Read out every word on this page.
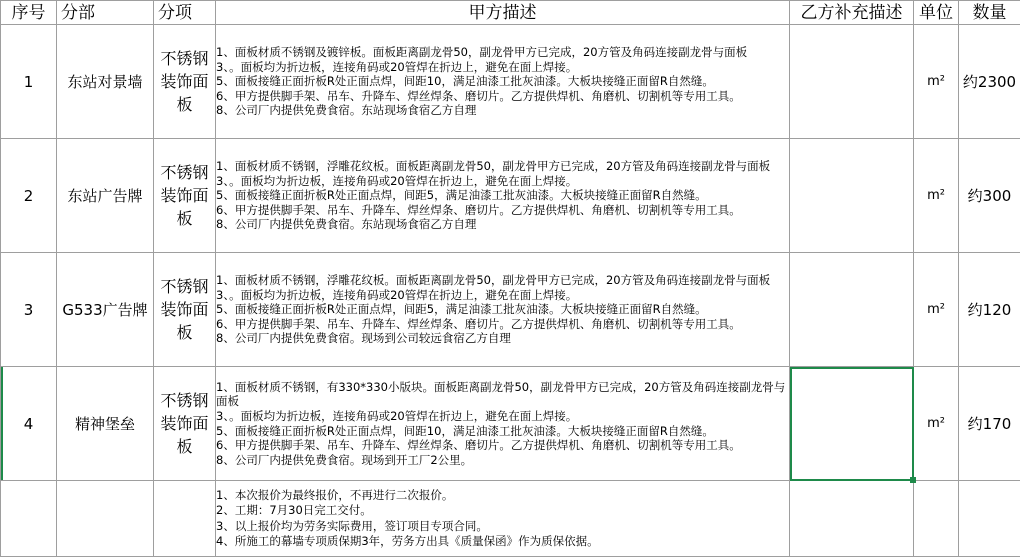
序号	分部	分项	甲方描述	乙方补充描述	单位	数量
1	东站对景墙	不锈钢装饰面板	1、面板材质不锈钢及镀锌板。面板距离副龙骨50，副龙骨甲方已完成，20方管及角码连接副龙骨与面板
3、。面板均为折边板，连接角码或20管焊在折边上，避免在面上焊接。
5、面板接缝正面折板R处正面点焊，间距10，满足油漆工批灰油漆。大板块接缝正面留R自然缝。
6、甲方提供脚手架、吊车、升降车、焊丝焊条、磨切片。乙方提供焊机、角磨机、切割机等专用工具。
8、公司厂内提供免费食宿。东站现场食宿乙方自理		m²	约2300
2	东站广告牌	不锈钢装饰面板	1、面板材质不锈钢，浮雕花纹板。面板距离副龙骨50，副龙骨甲方已完成，20方管及角码连接副龙骨与面板
3、。面板均为折边板，连接角码或20管焊在折边上，避免在面上焊接。
5、面板接缝正面折板R处正面点焊，间距5，满足油漆工批灰油漆。大板块接缝正面留R自然缝。
6、甲方提供脚手架、吊车、升降车、焊丝焊条、磨切片。乙方提供焊机、角磨机、切割机等专用工具。
8、公司厂内提供免费食宿。东站现场食宿乙方自理		m²	约300
3	G533广告牌	不锈钢装饰面板	1、面板材质不锈钢，浮雕花纹板。面板距离副龙骨50，副龙骨甲方已完成，20方管及角码连接副龙骨与面板
3、。面板均为折边板，连接角码或20管焊在折边上，避免在面上焊接。
5、面板接缝正面折板R处正面点焊，间距5，满足油漆工批灰油漆。大板块接缝正面留R自然缝。
6、甲方提供脚手架、吊车、升降车、焊丝焊条、磨切片。乙方提供焊机、角磨机、切割机等专用工具。
8、公司厂内提供免费食宿。现场到公司较远食宿乙方自理		m²	约120
4	精神堡垒	不锈钢装饰面板	1、面板材质不锈钢，有330*330小版块。面板距离副龙骨50，副龙骨甲方已完成，20方管及角码连接副龙骨与面板
3、。面板均为折边板，连接角码或20管焊在折边上，避免在面上焊接。
5、面板接缝正面折板R处正面点焊，间距10，满足油漆工批灰油漆。大板块接缝正面留R自然缝。
6、甲方提供脚手架、吊车、升降车、焊丝焊条、磨切片。乙方提供焊机、角磨机、切割机等专用工具。
8、公司厂内提供免费食宿。现场到开工厂2公里。		m²	约170

			1、本次报价为最终报价，不再进行二次报价。
2、工期：7月30日完工交付。
3、以上报价均为劳务实际费用，签订项目专项合同。
4、所施工的幕墙专项质保期3年，劳务方出具《质量保函》作为质保依据。			
